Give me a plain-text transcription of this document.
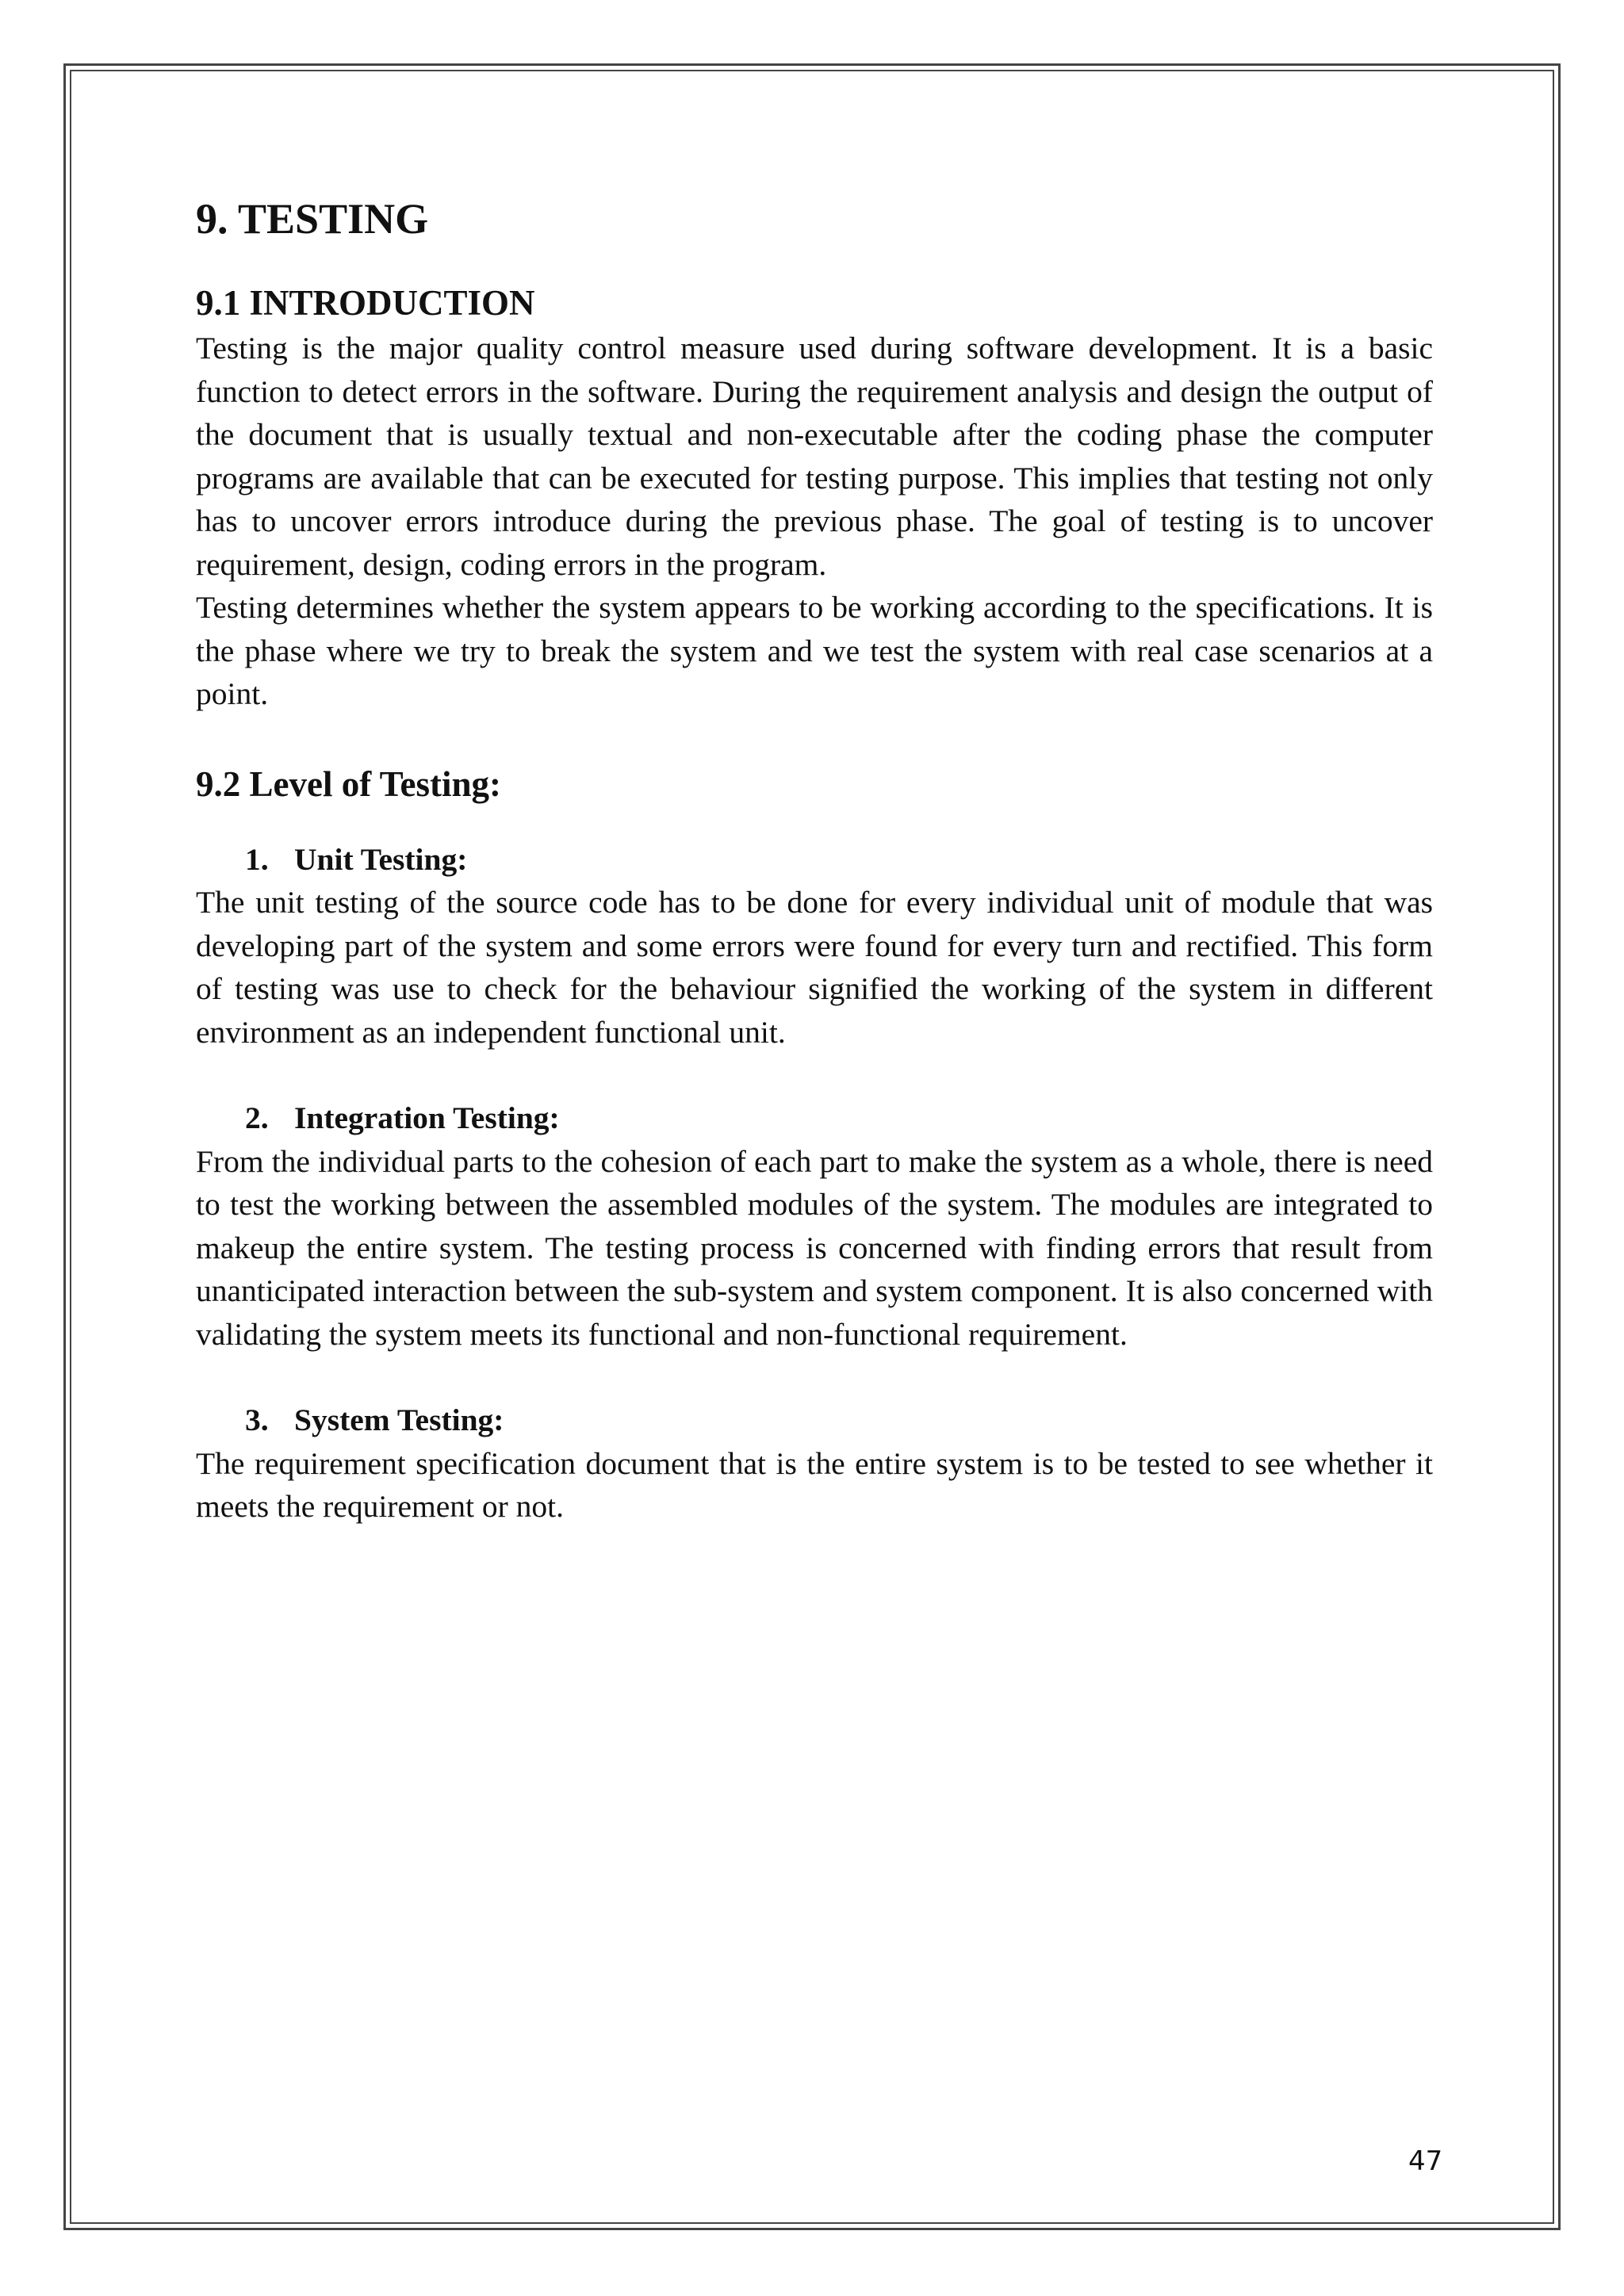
9. TESTING
9.1 INTRODUCTION

Testing is the major quality control measure used during software development. It is a basic function to detect errors in the software. During the requirement analysis and design the output of the document that is usually textual and non-executable after the coding phase the computer programs are available that can be executed for testing purpose. This implies that testing not only has to uncover errors introduce during the previous phase. The goal of testing is to uncover requirement, design, coding errors in the program.

Testing determines whether the system appears to be working according to the specifications. It is the phase where we try to break the system and we test the system with real case scenarios at a point.

9.2 Level of Testing:
1. Unit Testing:

The unit testing of the source code has to be done for every individual unit of module that was developing part of the system and some errors were found for every turn and rectified. This form of testing was use to check for the behaviour signified the working of the system in different environment as an independent functional unit.

2. Integration Testing:

From the individual parts to the cohesion of each part to make the system as a whole, there is need to test the working between the assembled modules of the system. The modules are integrated to makeup the entire system. The testing process is concerned with finding errors that result from unanticipated interaction between the sub-system and system component. It is also concerned with validating the system meets its functional and non-functional requirement.

3. System Testing:

The requirement specification document that is the entire system is to be tested to see whether it meets the requirement or not.

47
